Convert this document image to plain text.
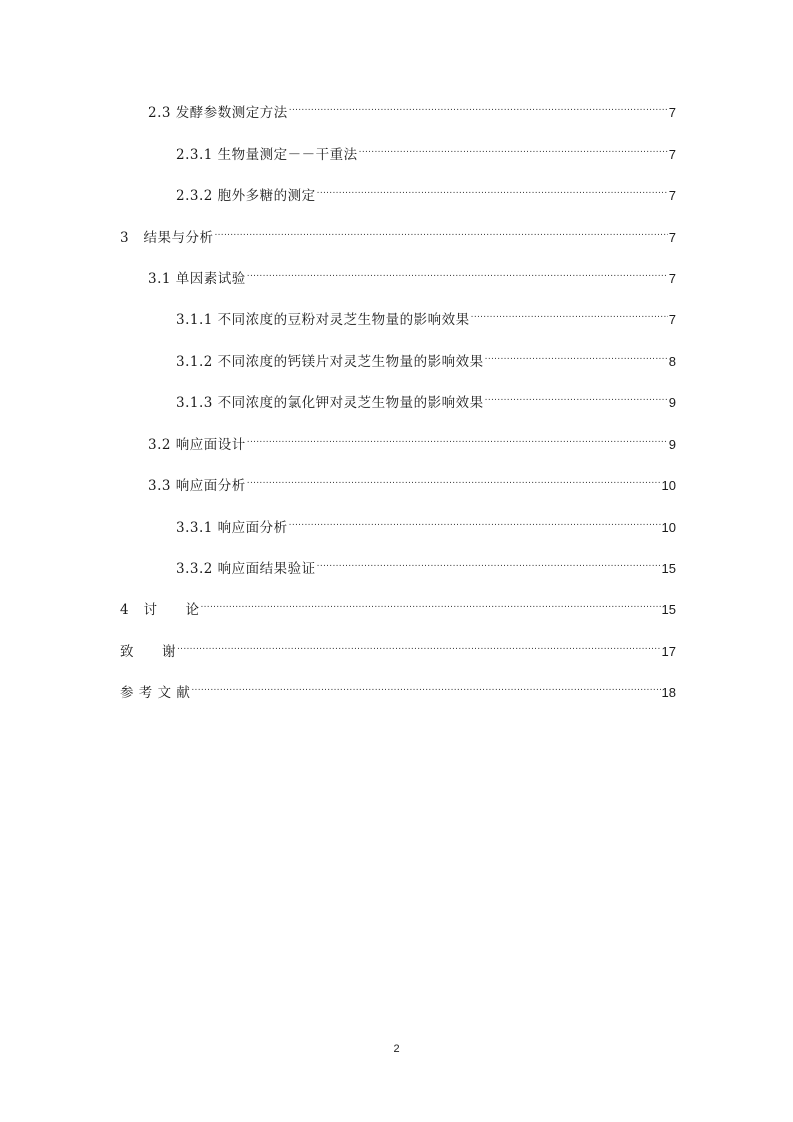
2.3 发酵参数测定方法 .....	7
2.3.1 生物量测定－－干重法 .....	7
2.3.2 胞外多糖的测定 .....	7
3 结果与分析 .....	7
3.1 单因素试验 .....	7
3.1.1 不同浓度的豆粉对灵芝生物量的影响效果 .....	7
3.1.2 不同浓度的钙镁片对灵芝生物量的影响效果 .....	8
3.1.3 不同浓度的氯化钾对灵芝生物量的影响效果 .....	9
3.2 响应面设计 .....	9
3.3 响应面分析 .....	10
3.3.1 响应面分析 .....	10
3.3.2 响应面结果验证 .....	15
4 讨　　论 .....	15
致　　谢 .....	17
参 考 文 献 .....	18
2
